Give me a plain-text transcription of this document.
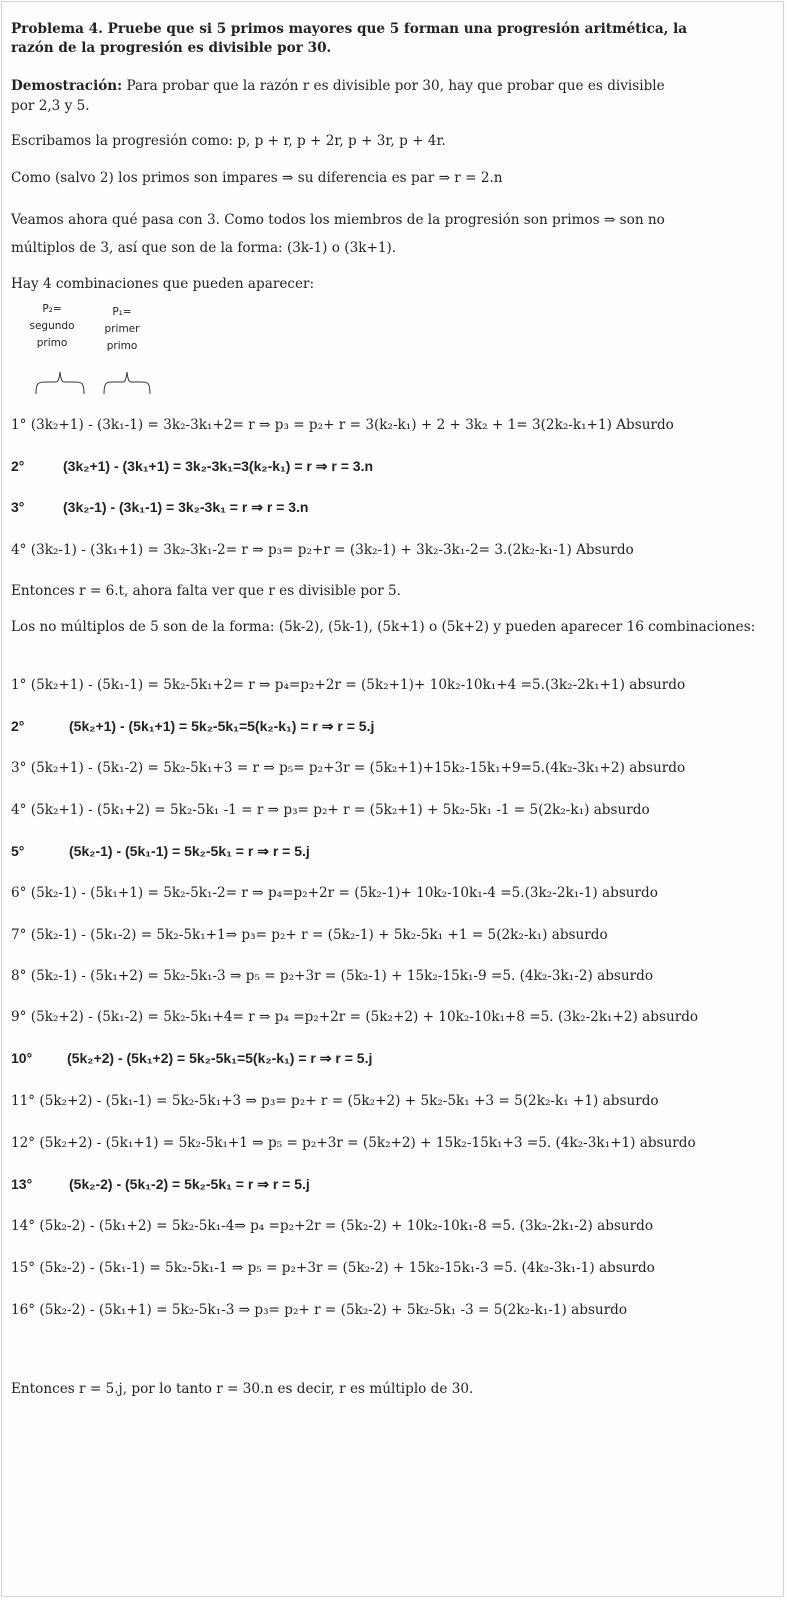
Problema 4. Pruebe que si 5 primos mayores que 5 forman una progresión aritmética, la
razón de la progresión es divisible por 30.
Demostración: Para probar que la razón r es divisible por 30, hay que probar que es divisible
por 2,3 y 5.
Escribamos la progresión como: p, p + r, p + 2r, p + 3r, p + 4r.
Como (salvo 2) los primos son impares ⇒ su diferencia es par ⇒ r = 2.n
Veamos ahora qué pasa con 3. Como todos los miembros de la progresión son primos ⇒ son no
múltiplos de 3, así que son de la forma: (3k-1) o (3k+1).
Hay 4 combinaciones que pueden aparecer:
P₂=
segundo
primo
P₁=
primer
primo
1° (3k₂+1) - (3k₁-1) = 3k₂-3k₁+2= r ⇒ p₃ = p₂+ r = 3(k₂-k₁) + 2 + 3k₂ + 1= 3(2k₂-k₁+1) Absurdo
2°	(3k₂+1) - (3k₁+1) = 3k₂-3k₁=3(k₂-k₁) = r ⇒ r = 3.n
3°	(3k₂-1) - (3k₁-1) = 3k₂-3k₁ = r ⇒ r = 3.n
4° (3k₂-1) - (3k₁+1) = 3k₂-3k₁-2= r ⇒ p₃= p₂+r = (3k₂-1) + 3k₂-3k₁-2= 3.(2k₂-k₁-1) Absurdo
Entonces r = 6.t, ahora falta ver que r es divisible por 5.
Los no múltiplos de 5 son de la forma: (5k-2), (5k-1), (5k+1) o (5k+2) y pueden aparecer 16 combinaciones:
1° (5k₂+1) - (5k₁-1) = 5k₂-5k₁+2= r ⇒ p₄=p₂+2r = (5k₂+1)+ 10k₂-10k₁+4 =5.(3k₂-2k₁+1) absurdo
2°	(5k₂+1) - (5k₁+1) = 5k₂-5k₁=5(k₂-k₁) = r ⇒ r = 5.j
3° (5k₂+1) - (5k₁-2) = 5k₂-5k₁+3 = r ⇒ p₅= p₂+3r = (5k₂+1)+15k₂-15k₁+9=5.(4k₂-3k₁+2) absurdo
4° (5k₂+1) - (5k₁+2) = 5k₂-5k₁ -1 = r ⇒ p₃= p₂+ r = (5k₂+1) + 5k₂-5k₁ -1 = 5(2k₂-k₁) absurdo
5°	(5k₂-1) - (5k₁-1) = 5k₂-5k₁ = r ⇒ r = 5.j
6° (5k₂-1) - (5k₁+1) = 5k₂-5k₁-2= r ⇒ p₄=p₂+2r = (5k₂-1)+ 10k₂-10k₁-4 =5.(3k₂-2k₁-1) absurdo
7° (5k₂-1) - (5k₁-2) = 5k₂-5k₁+1⇒ p₃= p₂+ r = (5k₂-1) + 5k₂-5k₁ +1 = 5(2k₂-k₁) absurdo
8° (5k₂-1) - (5k₁+2) = 5k₂-5k₁-3 ⇒ p₅ = p₂+3r = (5k₂-1) + 15k₂-15k₁-9 =5. (4k₂-3k₁-2) absurdo
9° (5k₂+2) - (5k₁-2) = 5k₂-5k₁+4= r ⇒ p₄ =p₂+2r = (5k₂+2) + 10k₂-10k₁+8 =5. (3k₂-2k₁+2) absurdo
10° (5k₂+2) - (5k₁+2) = 5k₂-5k₁=5(k₂-k₁) = r ⇒ r = 5.j
11° (5k₂+2) - (5k₁-1) = 5k₂-5k₁+3 ⇒ p₃= p₂+ r = (5k₂+2) + 5k₂-5k₁ +3 = 5(2k₂-k₁ +1) absurdo
12° (5k₂+2) - (5k₁+1) = 5k₂-5k₁+1 ⇒ p₅ = p₂+3r = (5k₂+2) + 15k₂-15k₁+3 =5. (4k₂-3k₁+1) absurdo
13°	(5k₂-2) - (5k₁-2) = 5k₂-5k₁ = r ⇒ r = 5.j
14° (5k₂-2) - (5k₁+2) = 5k₂-5k₁-4⇒ p₄ =p₂+2r = (5k₂-2) + 10k₂-10k₁-8 =5. (3k₂-2k₁-2) absurdo
15° (5k₂-2) - (5k₁-1) = 5k₂-5k₁-1 ⇒ p₅ = p₂+3r = (5k₂-2) + 15k₂-15k₁-3 =5. (4k₂-3k₁-1) absurdo
16° (5k₂-2) - (5k₁+1) = 5k₂-5k₁-3 ⇒ p₃= p₂+ r = (5k₂-2) + 5k₂-5k₁ -3 = 5(2k₂-k₁-1) absurdo
Entonces r = 5.j, por lo tanto r = 30.n es decir, r es múltiplo de 30.
